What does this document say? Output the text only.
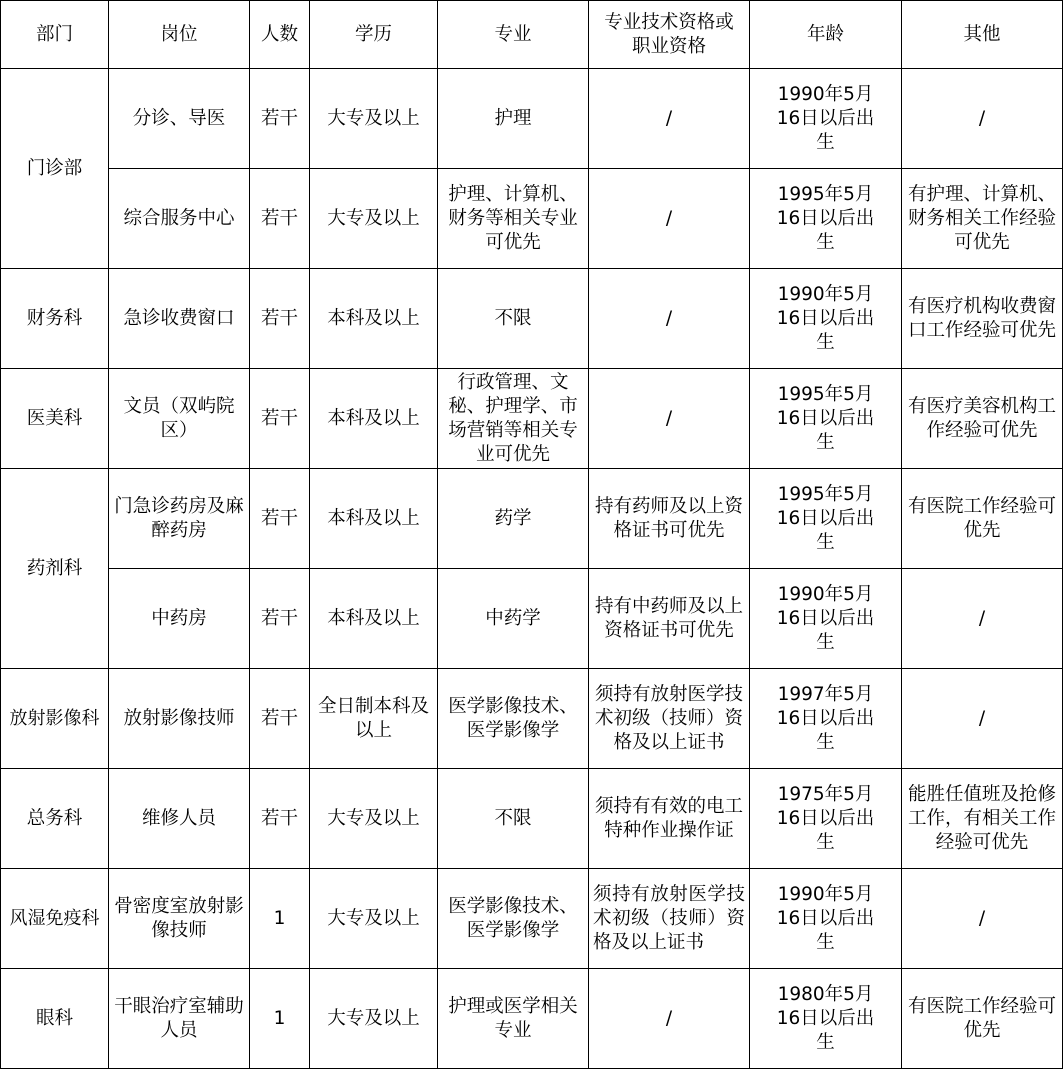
部门	岗位	人数	学历	专业	专业技术资格或职业资格	年龄	其他
门诊部	分诊、导医	若干	大专及以上	护理	/	1990年5月16日以后出生	/
	综合服务中心	若干	大专及以上	护理、计算机、财务等相关专业可优先	/	1995年5月16日以后出生	有护理、计算机、财务相关工作经验可优先
财务科	急诊收费窗口	若干	本科及以上	不限	/	1990年5月16日以后出生	有医疗机构收费窗口工作经验可优先
医美科	文员（双屿院区）	若干	本科及以上	行政管理、文秘、护理学、市场营销等相关专业可优先	/	1995年5月16日以后出生	有医疗美容机构工作经验可优先
药剂科	门急诊药房及麻醉药房	若干	本科及以上	药学	持有药师及以上资格证书可优先	1995年5月16日以后出生	有医院工作经验可优先
	中药房	若干	本科及以上	中药学	持有中药师及以上资格证书可优先	1990年5月16日以后出生	/
放射影像科	放射影像技师	若干	全日制本科及以上	医学影像技术、医学影像学	须持有放射医学技术初级（技师）资格及以上证书	1997年5月16日以后出生	/
总务科	维修人员	若干	大专及以上	不限	须持有有效的电工特种作业操作证	1975年5月16日以后出生	能胜任值班及抢修工作，有相关工作经验可优先
风湿免疫科	骨密度室放射影像技师	1	大专及以上	医学影像技术、医学影像学	须持有放射医学技术初级（技师）资格及以上证书	1990年5月16日以后出生	/
眼科	干眼治疗室辅助人员	1	大专及以上	护理或医学相关专业	/	1980年5月16日以后出生	有医院工作经验可优先
